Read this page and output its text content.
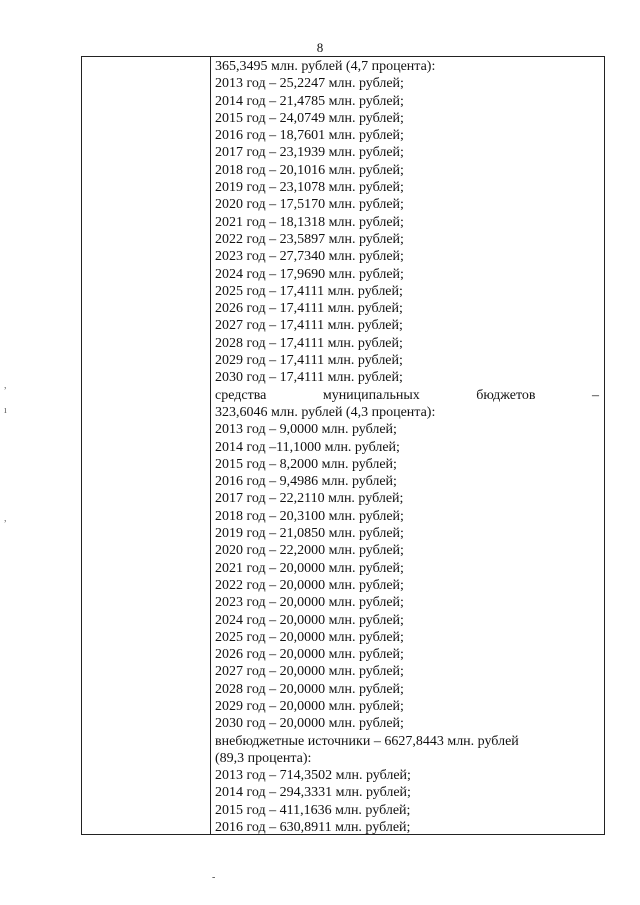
8
365,3495 млн. рублей (4,7 процента):
2013 год – 25,2247 млн. рублей;
2014 год – 21,4785 млн. рублей;
2015 год – 24,0749 млн. рублей;
2016 год – 18,7601 млн. рублей;
2017 год – 23,1939 млн. рублей;
2018 год – 20,1016 млн. рублей;
2019 год – 23,1078 млн. рублей;
2020 год – 17,5170 млн. рублей;
2021 год – 18,1318 млн. рублей;
2022 год – 23,5897 млн. рублей;
2023 год – 27,7340 млн. рублей;
2024 год – 17,9690 млн. рублей;
2025 год – 17,4111 млн. рублей;
2026 год – 17,4111 млн. рублей;
2027 год – 17,4111 млн. рублей;
2028 год – 17,4111 млн. рублей;
2029 год – 17,4111 млн. рублей;
2030 год – 17,4111 млн. рублей;
средства	муниципальных	бюджетов	–
323,6046 млн. рублей (4,3 процента):
2013 год – 9,0000 млн. рублей;
2014 год –11,1000 млн. рублей;
2015 год – 8,2000 млн. рублей;
2016 год – 9,4986 млн. рублей;
2017 год – 22,2110 млн. рублей;
2018 год – 20,3100 млн. рублей;
2019 год – 21,0850 млн. рублей;
2020 год – 22,2000 млн. рублей;
2021 год – 20,0000 млн. рублей;
2022 год – 20,0000 млн. рублей;
2023 год – 20,0000 млн. рублей;
2024 год – 20,0000 млн. рублей;
2025 год – 20,0000 млн. рублей;
2026 год – 20,0000 млн. рублей;
2027 год – 20,0000 млн. рублей;
2028 год – 20,0000 млн. рублей;
2029 год – 20,0000 млн. рублей;
2030 год – 20,0000 млн. рублей;
внебюджетные источники – 6627,8443 млн. рублей
(89,3 процента):
2013 год – 714,3502 млн. рублей;
2014 год – 294,3331 млн. рублей;
2015 год – 411,1636 млн. рублей;
2016 год – 630,8911 млн. рублей;
,
ı
,
-
